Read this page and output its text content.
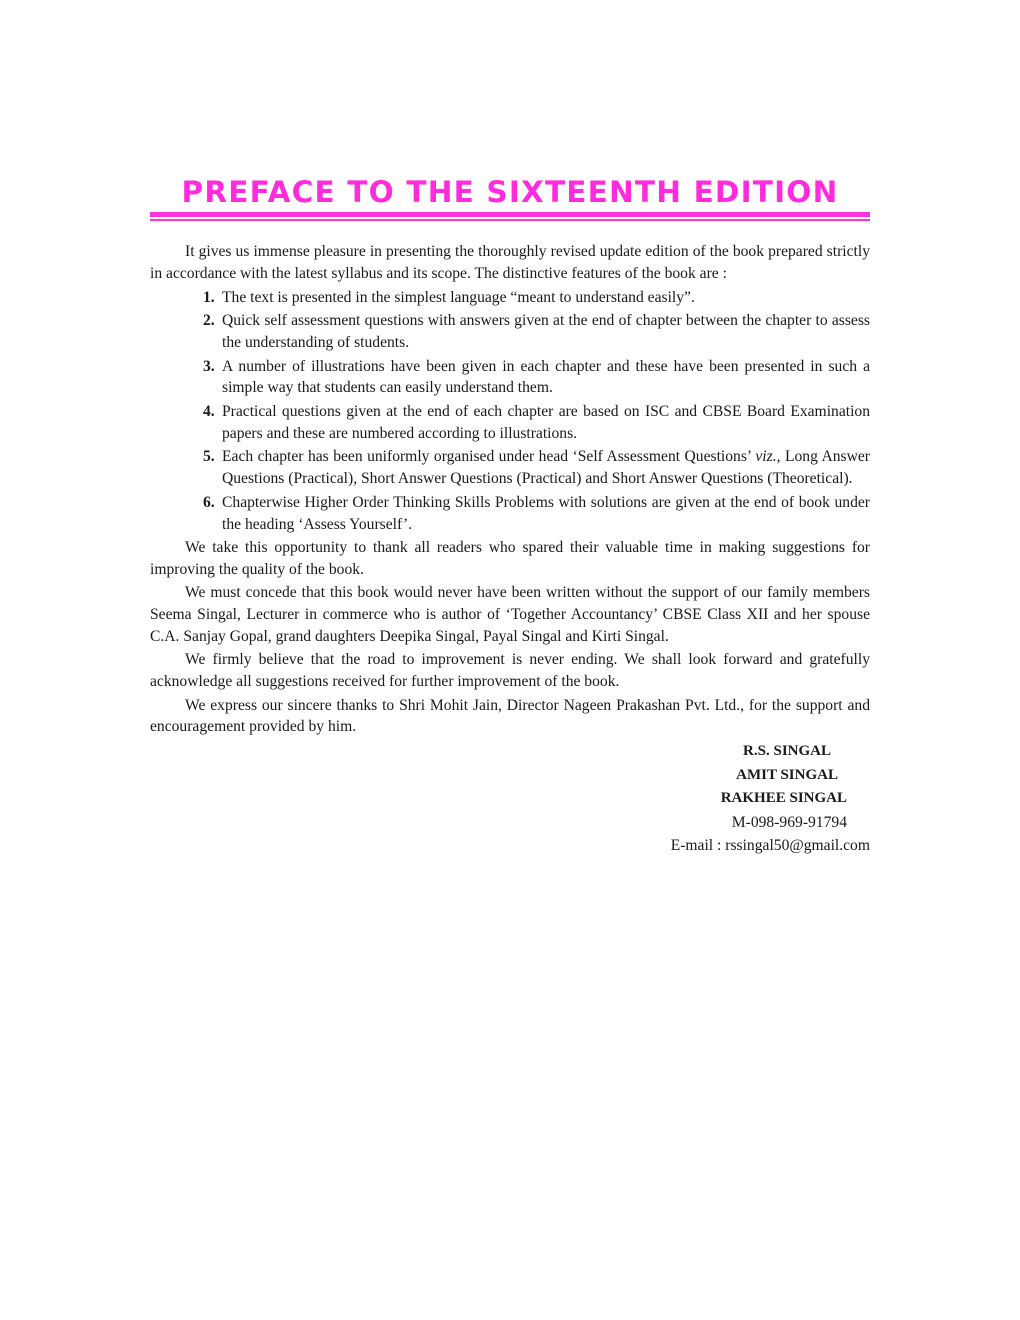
PREFACE TO THE SIXTEENTH EDITION

It gives us immense pleasure in presenting the thoroughly revised update edition of the book prepared strictly in accordance with the latest syllabus and its scope. The distinctive features of the book are :

1. The text is presented in the simplest language “meant to understand easily”.
2. Quick self assessment questions with answers given at the end of chapter between the chapter to assess the understanding of students.
3. A number of illustrations have been given in each chapter and these have been presented in such a simple way that students can easily understand them.
4. Practical questions given at the end of each chapter are based on ISC and CBSE Board Examination papers and these are numbered according to illustrations.
5. Each chapter has been uniformly organised under head ‘Self Assessment Questions’ viz., Long Answer Questions (Practical), Short Answer Questions (Practical) and Short Answer Questions (Theoretical).
6. Chapterwise Higher Order Thinking Skills Problems with solutions are given at the end of book under the heading ‘Assess Yourself’.

We take this opportunity to thank all readers who spared their valuable time in making suggestions for improving the quality of the book.

We must concede that this book would never have been written without the support of our family members Seema Singal, Lecturer in commerce who is author of ‘Together Accountancy’ CBSE Class XII and her spouse C.A. Sanjay Gopal, grand daughters Deepika Singal, Payal Singal and Kirti Singal.

We firmly believe that the road to improvement is never ending. We shall look forward and gratefully acknowledge all suggestions received for further improvement of the book.

We express our sincere thanks to Shri Mohit Jain, Director Nageen Prakashan Pvt. Ltd., for the support and encouragement provided by him.

R.S. SINGAL
AMIT SINGAL
RAKHEE SINGAL
M-098-969-91794
E-mail : rssingal50@gmail.com
